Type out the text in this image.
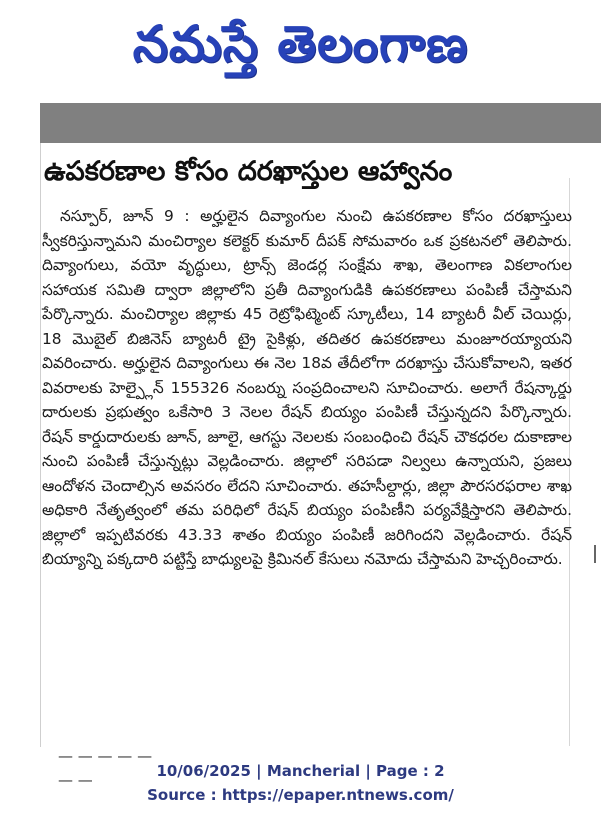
నమస్తే తెలంగాణ
ఉపకరణాల కోసం దరఖాస్తుల ఆహ్వానం
నస్పూర్, జూన్ 9 : అర్హులైన దివ్యాంగుల నుంచి ఉపకరణాల కోసం దరఖాస్తులు స్వీకరిస్తున్నామని మంచిర్యాల కలెక్టర్ కుమార్ దీపక్ సోమవారం ఒక ప్రకటనలో తెలిపారు. దివ్యాంగులు, వయో వృద్ధులు, ట్రాన్స్ జెండర్ల సంక్షేమ శాఖ, తెలంగాణ వికలాంగుల సహాయక సమితి ద్వారా జిల్లాలోని ప్రతీ దివ్యాంగుడికి ఉపకరణాలు పంపిణీ చేస్తామని పేర్కొన్నారు. మంచిర్యాల జిల్లాకు 45 రెట్రోఫిట్మెంట్ స్కూటీలు, 14 బ్యాటరీ వీల్ చెయిర్లు, 18 మొబైల్ బిజినెస్ బ్యాటరీ ట్రై సైకిళ్లు, తదితర ఉపకరణాలు మంజూరయ్యాయని వివరించారు. అర్హులైన దివ్యాంగులు ఈ నెల 18వ తేదీలోగా దరఖాస్తు చేసుకోవాలని, ఇతర వివరాలకు హెల్ప్లైన్ 155326 నంబర్ను సంప్రదించాలని సూచించారు. అలాగే రేషన్కార్డు దారులకు ప్రభుత్వం ఒకేసారి 3 నెలల రేషన్ బియ్యం పంపిణీ చేస్తున్నదని పేర్కొన్నారు. రేషన్ కార్డుదారులకు జూన్, జూలై, ఆగస్టు నెలలకు సంబంధించి రేషన్ చౌకధరల దుకాణాల నుంచి పంపిణీ చేస్తున్నట్లు వెల్లడించారు. జిల్లాలో సరిపడా నిల్వలు ఉన్నాయని, ప్రజలు ఆందోళన చెందాల్సిన అవసరం లేదని సూచించారు. తహసీల్దార్లు, జిల్లా పౌరసరఫరాల శాఖ అధికారి నేతృత్వంలో తమ పరిధిలో రేషన్ బియ్యం పంపిణీని పర్యవేక్షిస్తారని తెలిపారు. జిల్లాలో ఇప్పటివరకు 43.33 శాతం బియ్యం పంపిణీ జరిగిందని వెల్లడించారు. రేషన్ బియ్యాన్ని పక్కదారి పట్టిస్తే బాధ్యులపై క్రిమినల్ కేసులు నమోదు చేస్తామని హెచ్చరించారు.
— — — — — — —	10/06/2025 | Mancherial | Page : 2
Source : https://epaper.ntnews.com/
